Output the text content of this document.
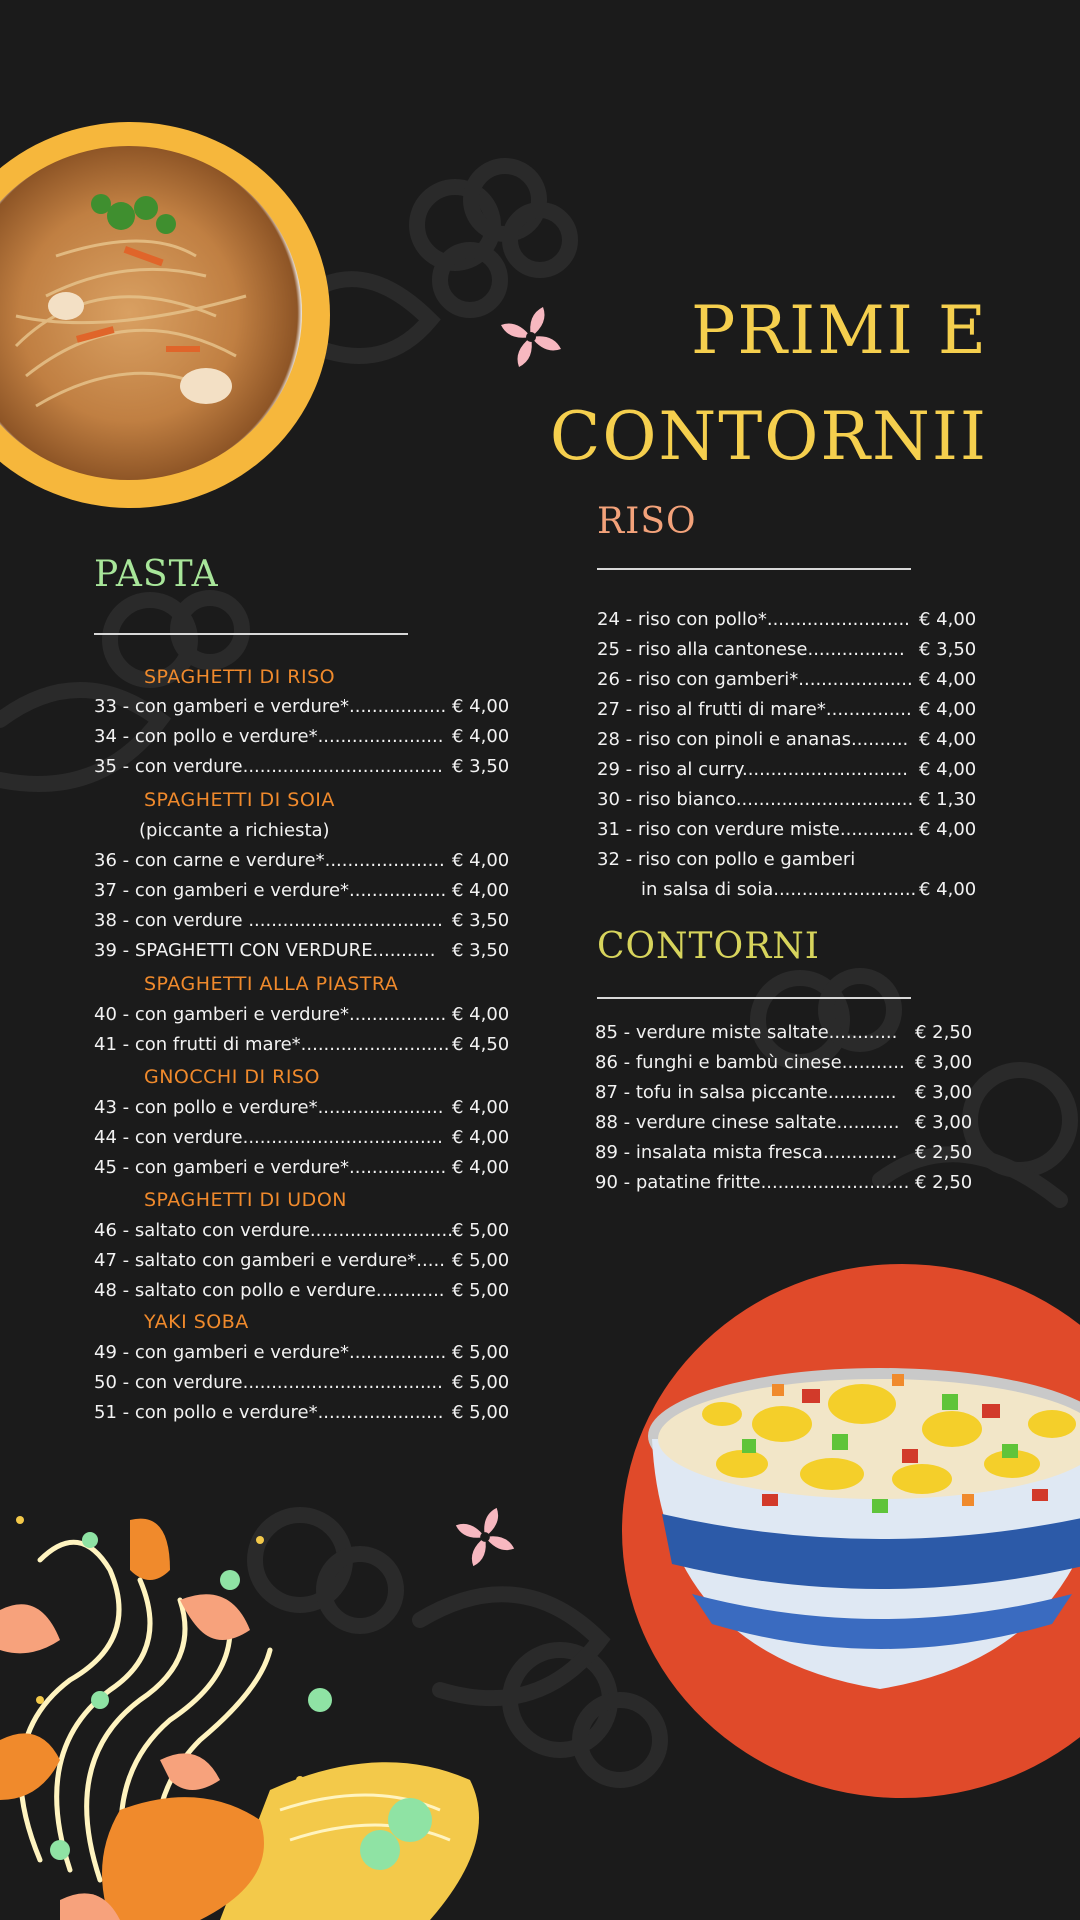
PRIMI E
CONTORNII
PASTA
SPAGHETTI DI RISO
33 - con gamberi e verdure*................. € 4,00
34 - con pollo e verdure*...................... € 4,00
35 - con verdure................................... € 3,50
SPAGHETTI DI SOIA
(piccante a richiesta)
36 - con carne e verdure*..................... € 4,00
37 - con gamberi e verdure*................. € 4,00
38 - con verdure .................................. € 3,50
39 - SPAGHETTI CON VERDURE........... € 3,50
SPAGHETTI ALLA PIASTRA
40 - con gamberi e verdure*................. € 4,00
41 - con frutti di mare*.......................... € 4,50
GNOCCHI DI RISO
43 - con pollo e verdure*...................... € 4,00
44 - con verdure................................... € 4,00
45 - con gamberi e verdure*................. € 4,00
SPAGHETTI DI UDON
46 - saltato con verdure......................... € 5,00
47 - saltato con gamberi e verdure*..... € 5,00
48 - saltato con pollo e verdure............ € 5,00
YAKI SOBA
49 - con gamberi e verdure*................. € 5,00
50 - con verdure................................... € 5,00
51 - con pollo e verdure*...................... € 5,00
RISO
24 - riso con pollo*......................... € 4,00
25 - riso alla cantonese................. € 3,50
26 - riso con gamberi*.................... € 4,00
27 - riso al frutti di mare*............... € 4,00
28 - riso con pinoli e ananas.......... € 4,00
29 - riso al curry............................. € 4,00
30 - riso bianco............................... € 1,30
31 - riso con verdure miste............. € 4,00
32 - riso con pollo e gamberi
in salsa di soia......................... € 4,00
CONTORNI
85 - verdure miste saltate............ € 2,50
86 - funghi e bambù cinese........... € 3,00
87 - tofu in salsa piccante............ € 3,00
88 - verdure cinese saltate........... € 3,00
89 - insalata mista fresca............. € 2,50
90 - patatine fritte.......................... € 2,50
